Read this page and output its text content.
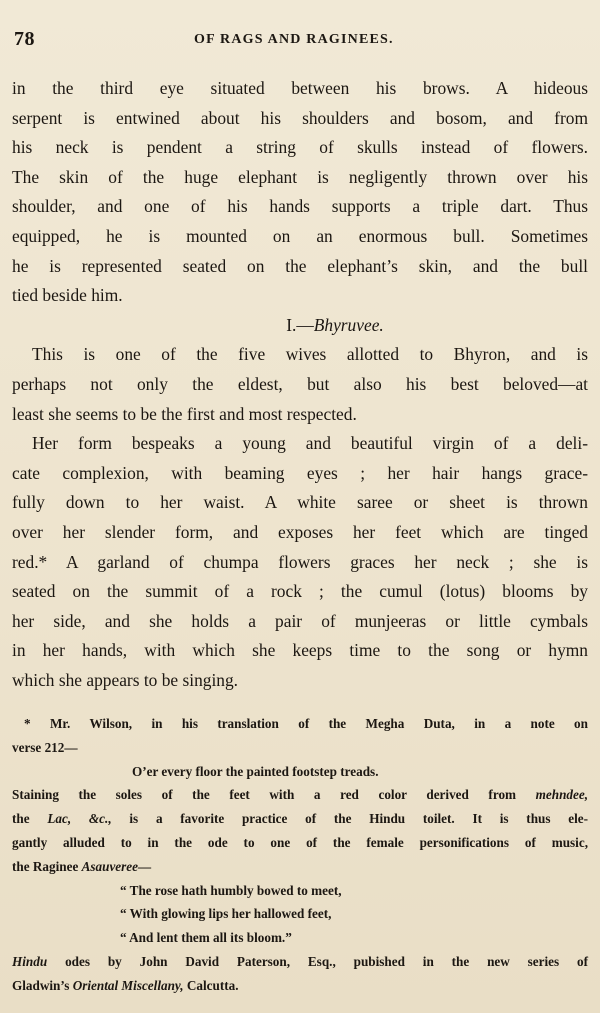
78	OF RAGS AND RAGINEES.
in the third eye situated between his brows. A hideous
serpent is entwined about his shoulders and bosom, and from
his neck is pendent a string of skulls instead of flowers.
The skin of the huge elephant is negligently thrown over his
shoulder, and one of his hands supports a triple dart. Thus
equipped, he is mounted on an enormous bull. Sometimes
he is represented seated on the elephant’s skin, and the bull
tied beside him.
I.—Bhyruvee.
This is one of the five wives allotted to Bhyron, and is
perhaps not only the eldest, but also his best beloved—at
least she seems to be the first and most respected.
Her form bespeaks a young and beautiful virgin of a deli-
cate complexion, with beaming eyes ; her hair hangs grace-
fully down to her waist. A white saree or sheet is thrown
over her slender form, and exposes her feet which are tinged
red.* A garland of chumpa flowers graces her neck ; she is
seated on the summit of a rock ; the cumul (lotus) blooms by
her side, and she holds a pair of munjeeras or little cymbals
in her hands, with which she keeps time to the song or hymn
which she appears to be singing.
* Mr. Wilson, in his translation of the Megha Duta, in a note on
verse 212—
O’er every floor the painted footstep treads.
Staining the soles of the feet with a red color derived from mehndee,
the Lac, &c., is a favorite practice of the Hindu toilet. It is thus ele-
gantly alluded to in the ode to one of the female personifications of music,
the Raginee Asauveree—
“ The rose hath humbly bowed to meet,
“ With glowing lips her hallowed feet,
“ And lent them all its bloom.”
Hindu odes by John David Paterson, Esq., pubished in the new series of
Gladwin’s Oriental Miscellany, Calcutta.
